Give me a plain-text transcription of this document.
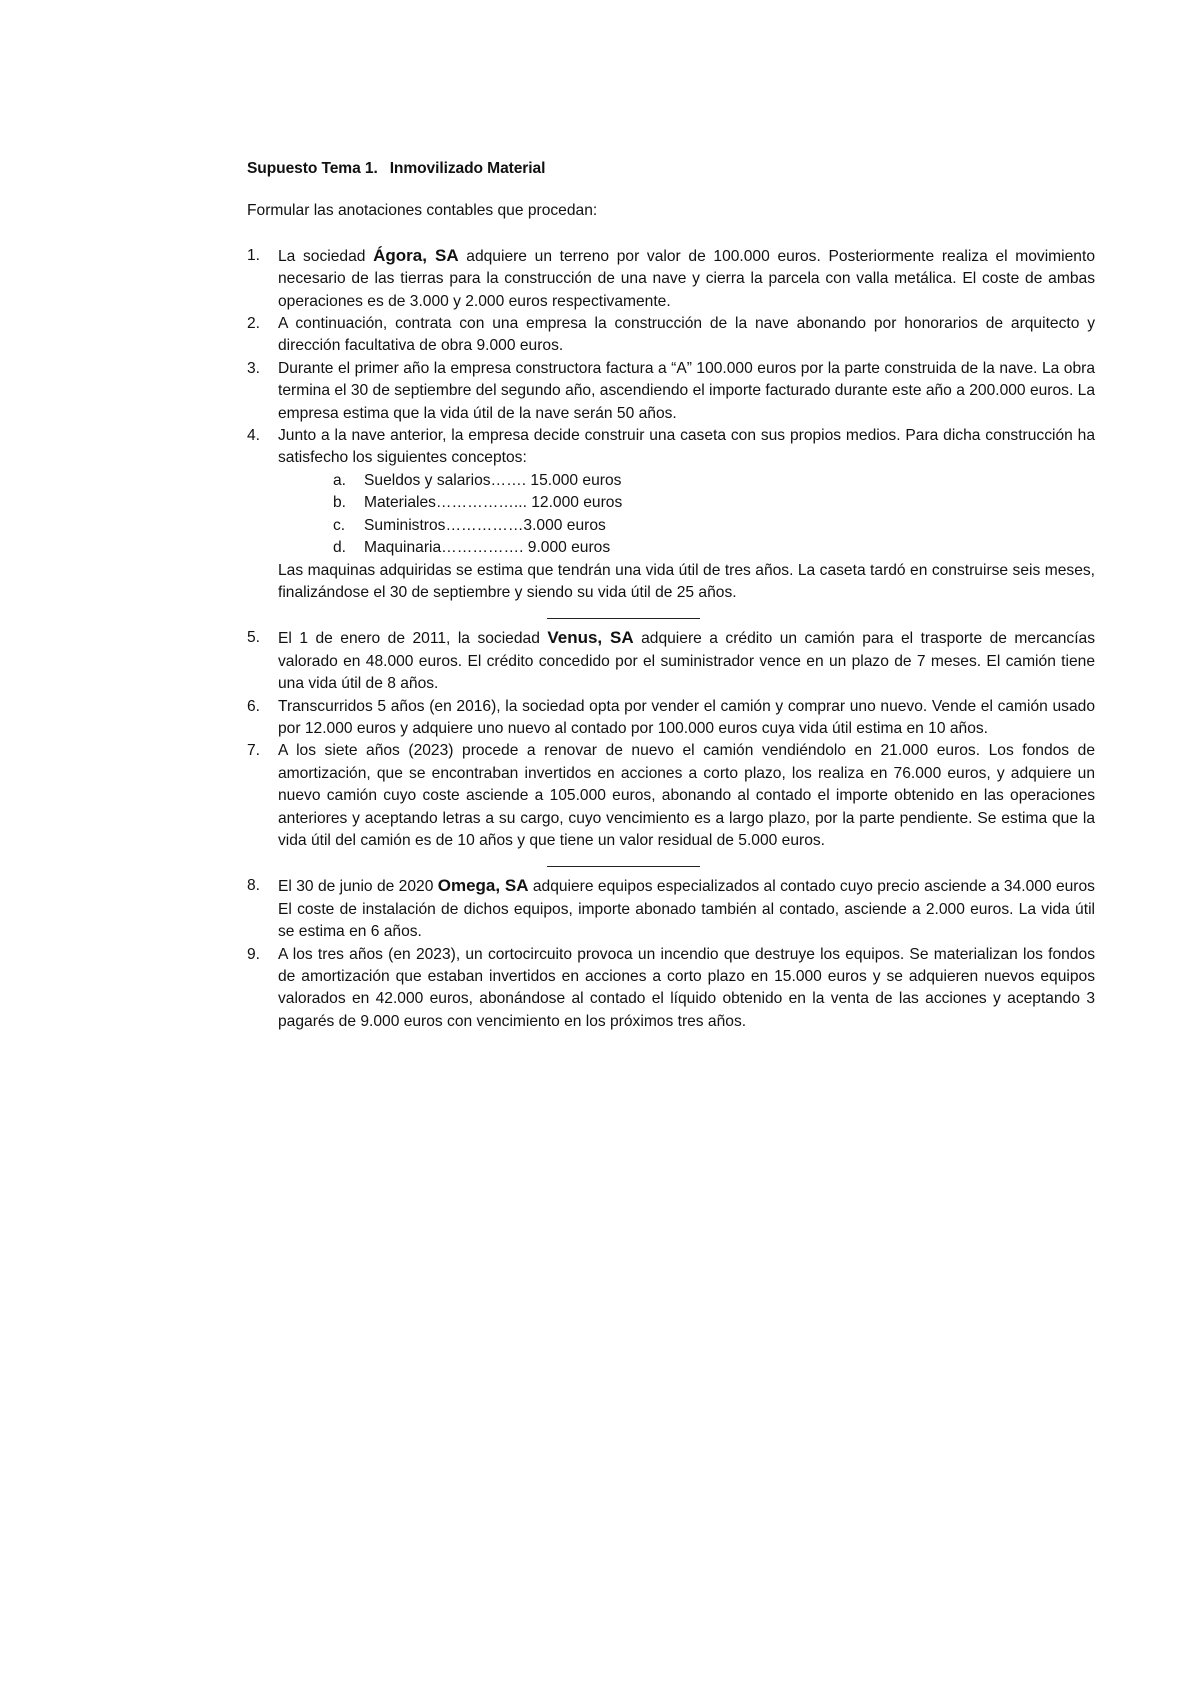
Supuesto Tema 1. Inmovilizado Material

Formular las anotaciones contables que procedan:

1. La sociedad Ágora, SA adquiere un terreno por valor de 100.000 euros. Posteriormente realiza el movimiento necesario de las tierras para la construcción de una nave y cierra la parcela con valla metálica. El coste de ambas operaciones es de 3.000 y 2.000 euros respectivamente.
2. A continuación, contrata con una empresa la construcción de la nave abonando por honorarios de arquitecto y dirección facultativa de obra 9.000 euros.
3. Durante el primer año la empresa constructora factura a “A” 100.000 euros por la parte construida de la nave. La obra termina el 30 de septiembre del segundo año, ascendiendo el importe facturado durante este año a 200.000 euros. La empresa estima que la vida útil de la nave serán 50 años.
4. Junto a la nave anterior, la empresa decide construir una caseta con sus propios medios. Para dicha construcción ha satisfecho los siguientes conceptos:
a. Sueldos y salarios……. 15.000 euros
b. Materiales……………... 12.000 euros
c. Suministros……………3.000 euros
d. Maquinaria……………. 9.000 euros
Las maquinas adquiridas se estima que tendrán una vida útil de tres años. La caseta tardó en construirse seis meses, finalizándose el 30 de septiembre y siendo su vida útil de 25 años.
5. El 1 de enero de 2011, la sociedad Venus, SA adquiere a crédito un camión para el trasporte de mercancías valorado en 48.000 euros. El crédito concedido por el suministrador vence en un plazo de 7 meses. El camión tiene una vida útil de 8 años.
6. Transcurridos 5 años (en 2016), la sociedad opta por vender el camión y comprar uno nuevo. Vende el camión usado por 12.000 euros y adquiere uno nuevo al contado por 100.000 euros cuya vida útil estima en 10 años.
7. A los siete años (2023) procede a renovar de nuevo el camión vendiéndolo en 21.000 euros. Los fondos de amortización, que se encontraban invertidos en acciones a corto plazo, los realiza en 76.000 euros, y adquiere un nuevo camión cuyo coste asciende a 105.000 euros, abonando al contado el importe obtenido en las operaciones anteriores y aceptando letras a su cargo, cuyo vencimiento es a largo plazo, por la parte pendiente. Se estima que la vida útil del camión es de 10 años y que tiene un valor residual de 5.000 euros.
8. El 30 de junio de 2020 Omega, SA adquiere equipos especializados al contado cuyo precio asciende a 34.000 euros El coste de instalación de dichos equipos, importe abonado también al contado, asciende a 2.000 euros. La vida útil se estima en 6 años.
9. A los tres años (en 2023), un cortocircuito provoca un incendio que destruye los equipos. Se materializan los fondos de amortización que estaban invertidos en acciones a corto plazo en 15.000 euros y se adquieren nuevos equipos valorados en 42.000 euros, abonándose al contado el líquido obtenido en la venta de las acciones y aceptando 3 pagarés de 9.000 euros con vencimiento en los próximos tres años.
